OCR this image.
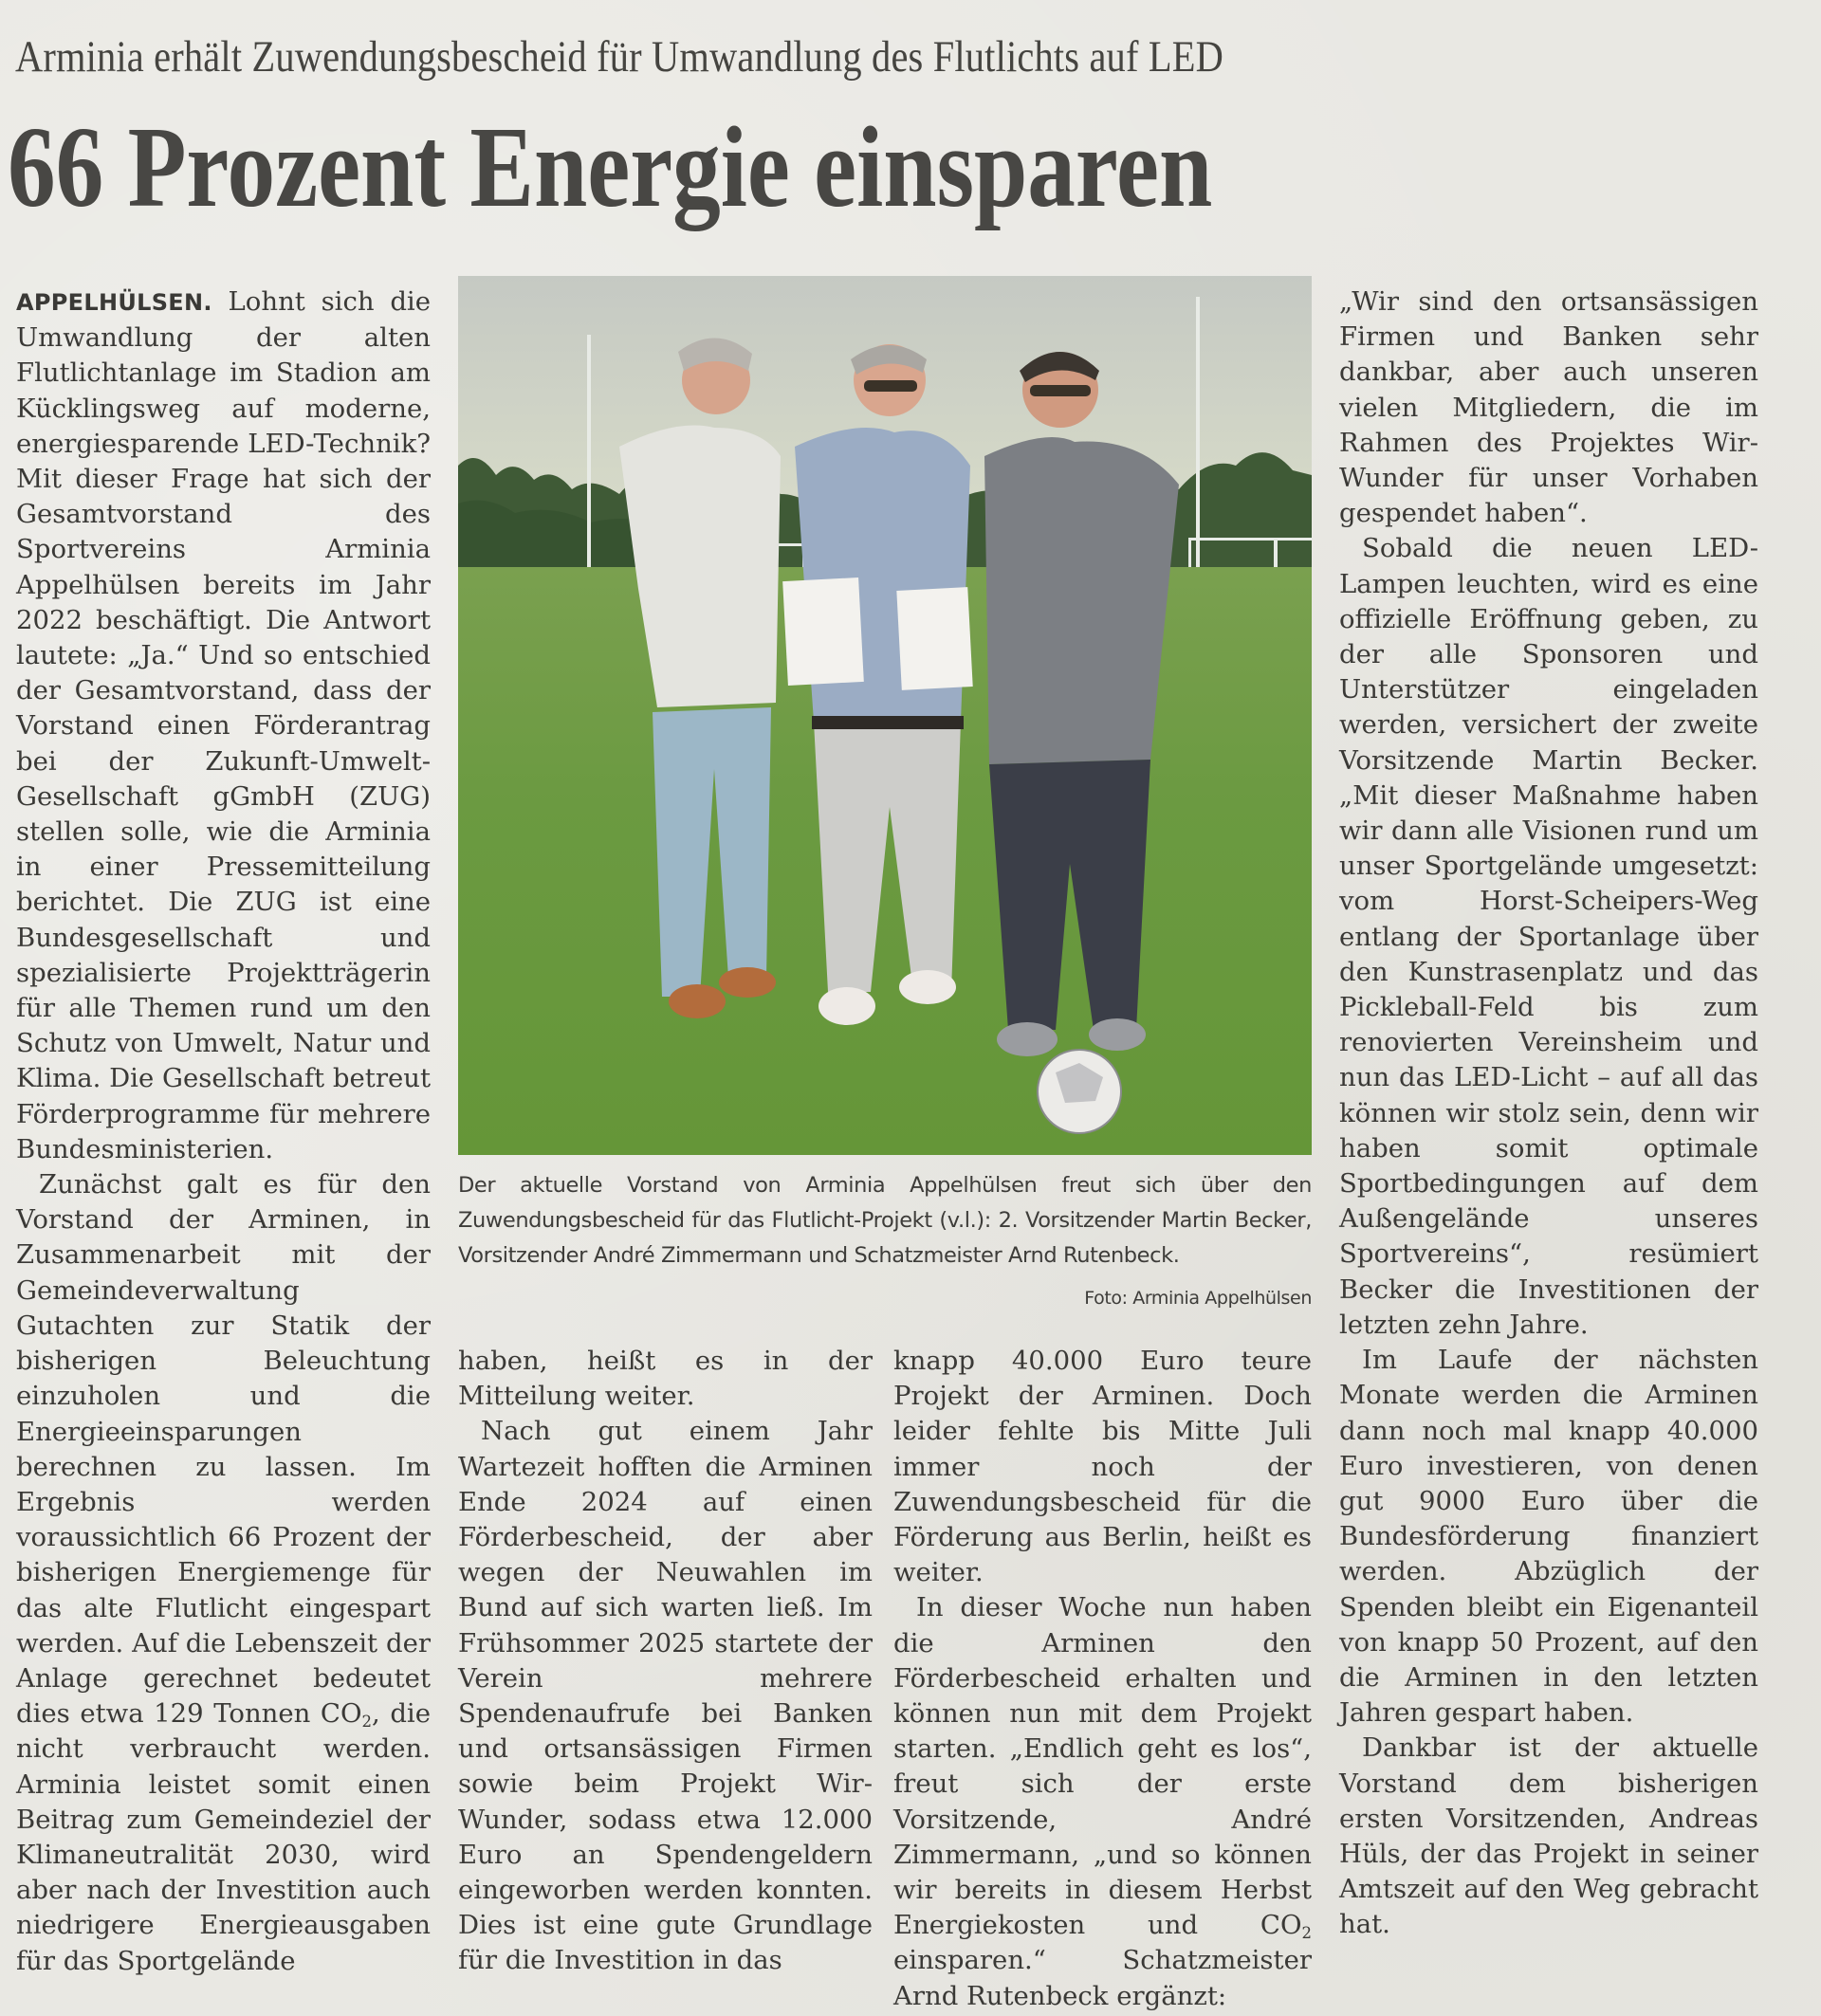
Arminia erhält Zuwendungsbescheid für Umwandlung des Flutlichts auf LED
66 Prozent Energie einsparen

APPELHÜLSEN. Lohnt sich die Umwandlung der alten Flutlichtanlage im Stadion am Kücklingsweg auf moderne, energiesparende LED-Technik? Mit dieser Frage hat sich der Gesamtvorstand des Sportvereins Arminia Appelhülsen bereits im Jahr 2022 beschäftigt. Die Antwort lautete: „Ja.“ Und so entschied der Gesamtvorstand, dass der Vorstand einen Förderantrag bei der Zukunft-Umwelt-Gesellschaft gGmbH (ZUG) stellen solle, wie die Arminia in einer Pressemitteilung berichtet. Die ZUG ist eine Bundesgesellschaft und spezialisierte Projektträgerin für alle Themen rund um den Schutz von Umwelt, Natur und Klima. Die Gesellschaft betreut Förderprogramme für mehrere Bundesministerien.

Zunächst galt es für den Vorstand der Arminen, in Zusammenarbeit mit der Gemeindeverwaltung Gutachten zur Statik der bisherigen Beleuchtung einzuholen und die Energieeinsparungen berechnen zu lassen. Im Ergebnis werden voraussichtlich 66 Prozent der bisherigen Energiemenge für das alte Flutlicht eingespart werden. Auf die Lebenszeit der Anlage gerechnet bedeutet dies etwa 129 Tonnen $CO_2$, die nicht verbraucht werden. Arminia leistet somit einen Beitrag zum Gemeindeziel der Klimaneutralität 2030, wird aber nach der Investition auch niedrigere Energieausgaben für das Sportgelände

Der aktuelle Vorstand von Arminia Appelhülsen freut sich über den Zuwendungsbescheid für das Flutlicht-Projekt (v.l.): 2. Vorsitzender Martin Becker, Vorsitzender André Zimmermann und Schatzmeister Arnd Rutenbeck.
Foto: Arminia Appelhülsen

haben, heißt es in der Mitteilung weiter.

Nach gut einem Jahr Wartezeit hofften die Arminen Ende 2024 auf einen Förderbescheid, der aber wegen der Neuwahlen im Bund auf sich warten ließ. Im Frühsommer 2025 startete der Verein mehrere Spendenaufrufe bei Banken und ortsansässigen Firmen sowie beim Projekt Wir-Wunder, sodass etwa 12.000 Euro an Spendengeldern eingeworben werden konnten. Dies ist eine gute Grundlage für die Investition in das

knapp 40.000 Euro teure Projekt der Arminen. Doch leider fehlte bis Mitte Juli immer noch der Zuwendungsbescheid für die Förderung aus Berlin, heißt es weiter.

In dieser Woche nun haben die Arminen den Förderbescheid erhalten und können nun mit dem Projekt starten. „Endlich geht es los“, freut sich der erste Vorsitzende, André Zimmermann, „und so können wir bereits in diesem Herbst Energiekosten und $CO_2$ einsparen.“ Schatzmeister Arnd Rutenbeck ergänzt:

„Wir sind den ortsansässigen Firmen und Banken sehr dankbar, aber auch unseren vielen Mitgliedern, die im Rahmen des Projektes Wir-Wunder für unser Vorhaben gespendet haben“.

Sobald die neuen LED-Lampen leuchten, wird es eine offizielle Eröffnung geben, zu der alle Sponsoren und Unterstützer eingeladen werden, versichert der zweite Vorsitzende Martin Becker. „Mit dieser Maßnahme haben wir dann alle Visionen rund um unser Sportgelände umgesetzt: vom Horst-Scheipers-Weg entlang der Sportanlage über den Kunstrasenplatz und das Pickleball-Feld bis zum renovierten Vereinsheim und nun das LED-Licht – auf all das können wir stolz sein, denn wir haben somit optimale Sportbedingungen auf dem Außengelände unseres Sportvereins“, resümiert Becker die Investitionen der letzten zehn Jahre.

Im Laufe der nächsten Monate werden die Arminen dann noch mal knapp 40.000 Euro investieren, von denen gut 9000 Euro über die Bundesförderung finanziert werden. Abzüglich der Spenden bleibt ein Eigenanteil von knapp 50 Prozent, auf den die Arminen in den letzten Jahren gespart haben.

Dankbar ist der aktuelle Vorstand dem bisherigen ersten Vorsitzenden, Andreas Hüls, der das Projekt in seiner Amtszeit auf den Weg gebracht hat.
